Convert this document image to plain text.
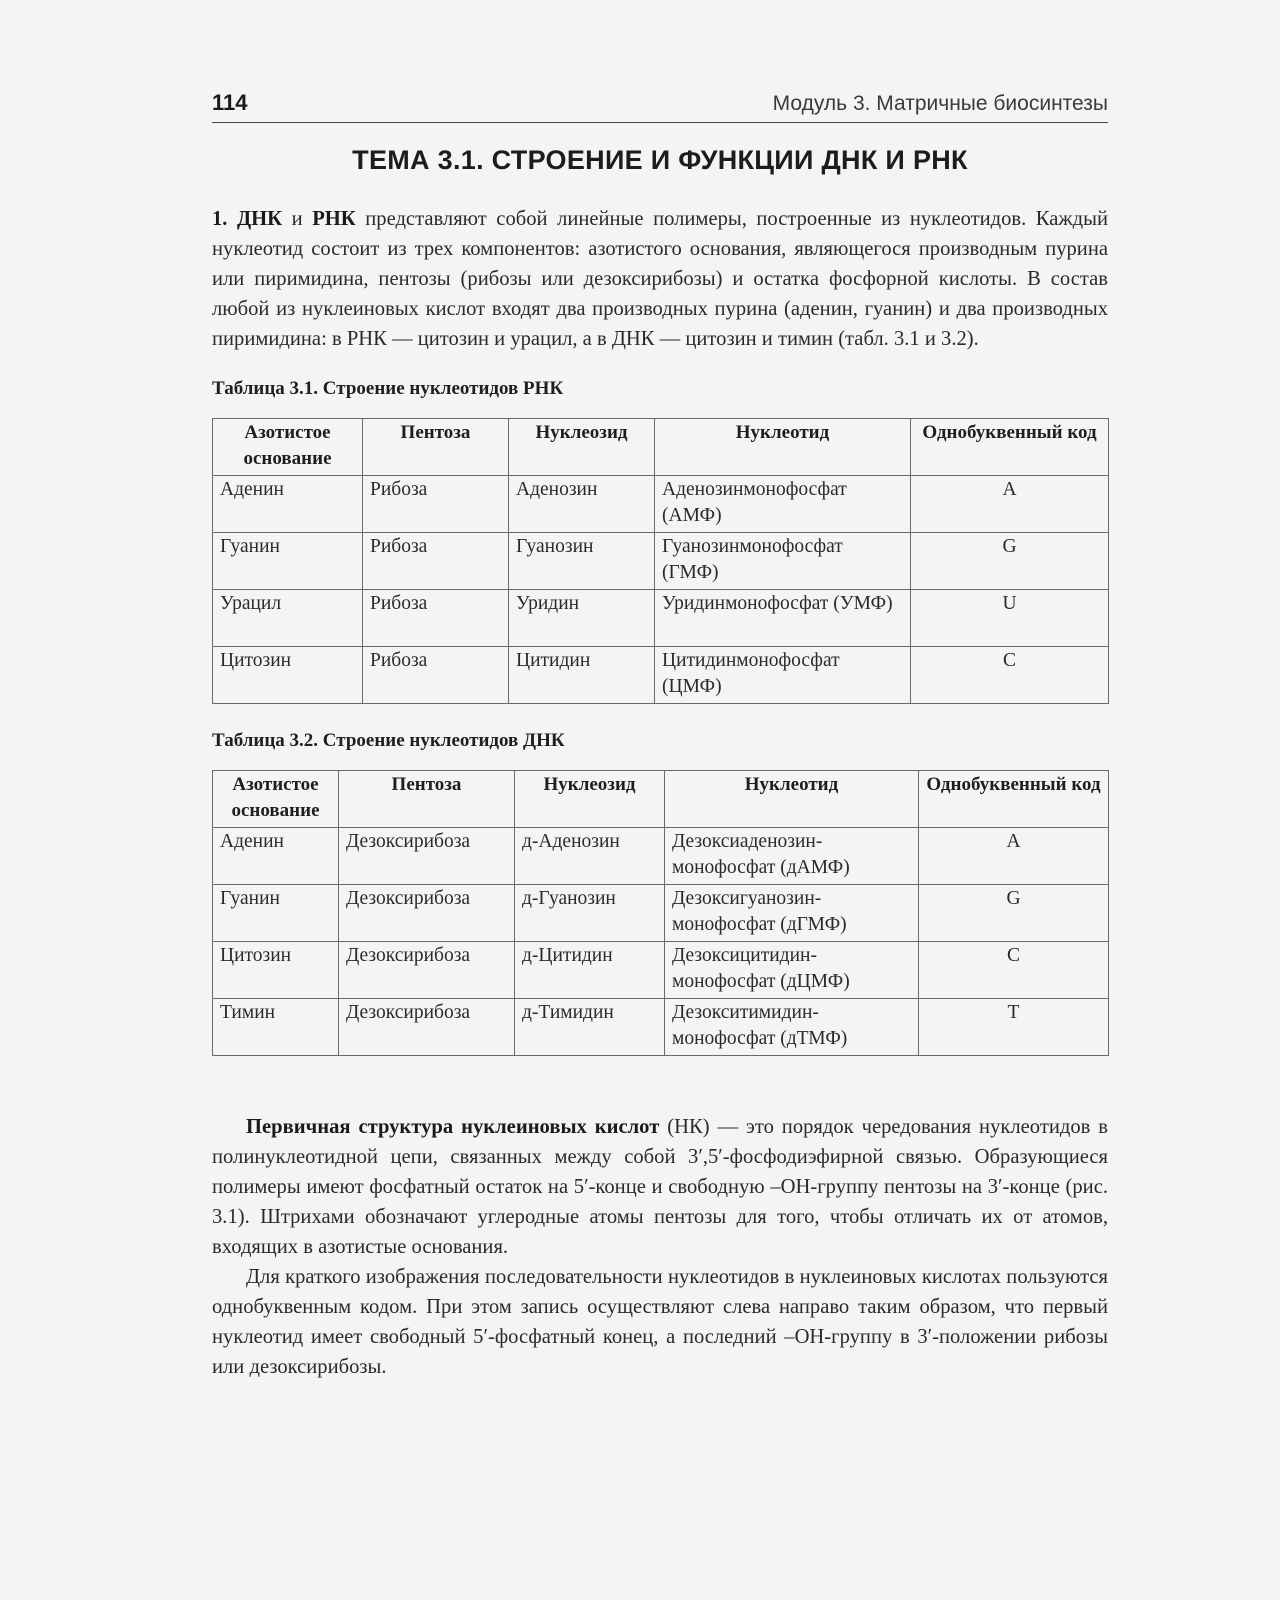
114	Модуль 3. Матричные биосинтезы
ТЕМА 3.1. СТРОЕНИЕ И ФУНКЦИИ ДНК И РНК

1. ДНК и РНК представляют собой линейные полимеры, построенные из нуклеотидов. Каждый нуклеотид состоит из трех компонентов: азотистого основания, являющегося производным пурина или пиримидина, пентозы (рибозы или дезоксирибозы) и остатка фосфорной кислоты. В состав любой из нуклеиновых кислот входят два производных пурина (аденин, гуанин) и два производных пиримидина: в РНК — цитозин и урацил, а в ДНК — цитозин и тимин (табл. 3.1 и 3.2).

Таблица 3.1. Строение нуклеотидов РНК

Азотистое основание	Пентоза	Нуклеозид	Нуклеотид	Однобуквенный код
Аденин	Рибоза	Аденозин	Аденозинмонофосфат (АМФ)	A
Гуанин	Рибоза	Гуанозин	Гуанозинмонофосфат (ГМФ)	G
Урацил	Рибоза	Уридин	Уридинмонофосфат (УМФ)	U
Цитозин	Рибоза	Цитидин	Цитидинмонофосфат (ЦМФ)	C

Таблица 3.2. Строение нуклеотидов ДНК

Азотистое основание	Пентоза	Нуклеозид	Нуклеотид	Однобуквенный код
Аденин	Дезоксирибоза	д-Аденозин	Дезоксиаденозин-монофосфат (дАМФ)	A
Гуанин	Дезоксирибоза	д-Гуанозин	Дезоксигуанозин-монофосфат (дГМФ)	G
Цитозин	Дезоксирибоза	д-Цитидин	Дезоксицитидин-монофосфат (дЦМФ)	C
Тимин	Дезоксирибоза	д-Тимидин	Дезокситимидин-монофосфат (дТМФ)	T

Первичная структура нуклеиновых кислот (НК) — это порядок чередования нуклеотидов в полинуклеотидной цепи, связанных между собой 3′,5′-фосфодиэфирной связью. Образующиеся полимеры имеют фосфатный остаток на 5′-конце и свободную –ОН-группу пентозы на 3′-конце (рис. 3.1). Штрихами обозначают углеродные атомы пентозы для того, чтобы отличать их от атомов, входящих в азотистые основания.

Для краткого изображения последовательности нуклеотидов в нуклеиновых кислотах пользуются однобуквенным кодом. При этом запись осуществляют слева направо таким образом, что первый нуклеотид имеет свободный 5′-фосфатный конец, а последний –ОН-группу в 3′-положении рибозы или дезоксирибозы.
